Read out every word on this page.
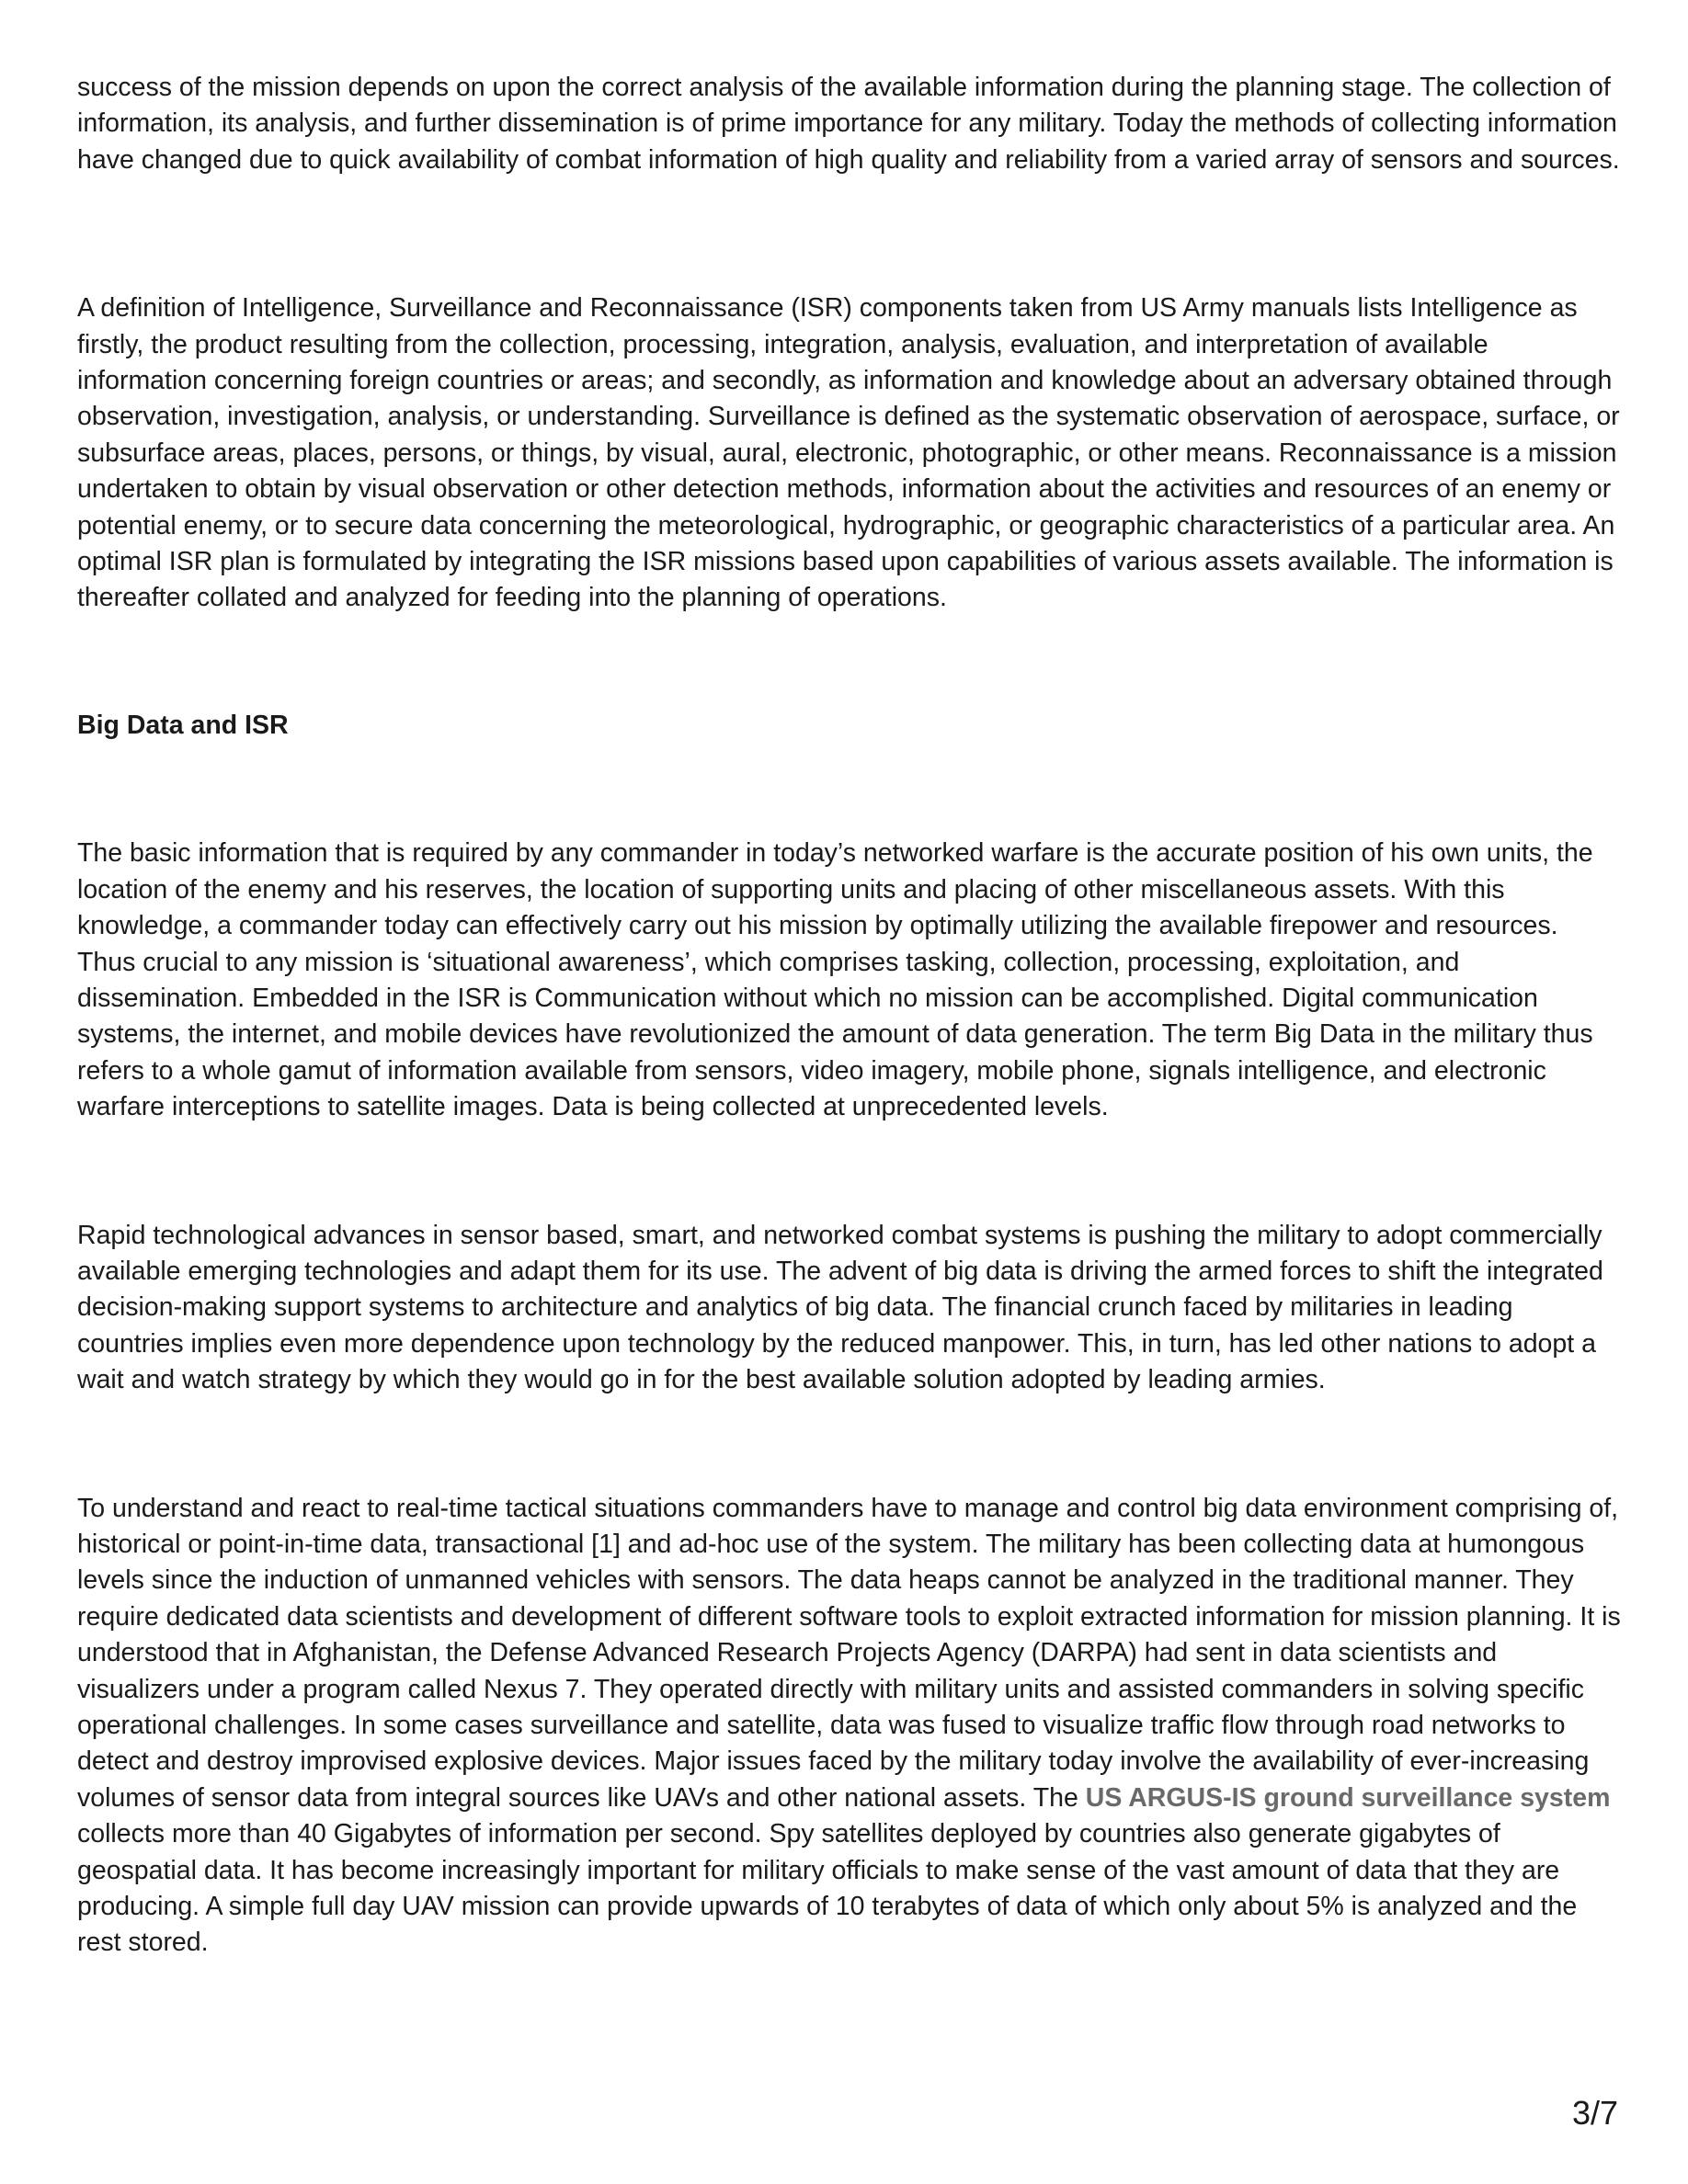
success of the mission depends on upon the correct analysis of the available information during the planning stage. The collection of information, its analysis, and further dissemination is of prime importance for any military. Today the methods of collecting information have changed due to quick availability of combat information of high quality and reliability from a varied array of sensors and sources.

A definition of Intelligence, Surveillance and Reconnaissance (ISR) components taken from US Army manuals lists Intelligence as firstly, the product resulting from the collection, processing, integration, analysis, evaluation, and interpretation of available information concerning foreign countries or areas; and secondly, as information and knowledge about an adversary obtained through observation, investigation, analysis, or understanding. Surveillance is defined as the systematic observation of aerospace, surface, or subsurface areas, places, persons, or things, by visual, aural, electronic, photographic, or other means. Reconnaissance is a mission undertaken to obtain by visual observation or other detection methods, information about the activities and resources of an enemy or potential enemy, or to secure data concerning the meteorological, hydrographic, or geographic characteristics of a particular area. An optimal ISR plan is formulated by integrating the ISR missions based upon capabilities of various assets available. The information is thereafter collated and analyzed for feeding into the planning of operations.

Big Data and ISR

The basic information that is required by any commander in today’s networked warfare is the accurate position of his own units, the location of the enemy and his reserves, the location of supporting units and placing of other miscellaneous assets. With this knowledge, a commander today can effectively carry out his mission by optimally utilizing the available firepower and resources. Thus crucial to any mission is ‘situational awareness’, which comprises tasking, collection, processing, exploitation, and dissemination. Embedded in the ISR is Communication without which no mission can be accomplished. Digital communication systems, the internet, and mobile devices have revolutionized the amount of data generation. The term Big Data in the military thus refers to a whole gamut of information available from sensors, video imagery, mobile phone, signals intelligence, and electronic warfare interceptions to satellite images. Data is being collected at unprecedented levels.

Rapid technological advances in sensor based, smart, and networked combat systems is pushing the military to adopt commercially available emerging technologies and adapt them for its use. The advent of big data is driving the armed forces to shift the integrated decision-making support systems to architecture and analytics of big data. The financial crunch faced by militaries in leading countries implies even more dependence upon technology by the reduced manpower. This, in turn, has led other nations to adopt a wait and watch strategy by which they would go in for the best available solution adopted by leading armies.

To understand and react to real-time tactical situations commanders have to manage and control big data environment comprising of, historical or point-in-time data, transactional [1] and ad-hoc use of the system. The military has been collecting data at humongous levels since the induction of unmanned vehicles with sensors. The data heaps cannot be analyzed in the traditional manner. They require dedicated data scientists and development of different software tools to exploit extracted information for mission planning. It is understood that in Afghanistan, the Defense Advanced Research Projects Agency (DARPA) had sent in data scientists and visualizers under a program called Nexus 7. They operated directly with military units and assisted commanders in solving specific operational challenges. In some cases surveillance and satellite, data was fused to visualize traffic flow through road networks to detect and destroy improvised explosive devices. Major issues faced by the military today involve the availability of ever-increasing volumes of sensor data from integral sources like UAVs and other national assets. The US ARGUS-IS ground surveillance system collects more than 40 Gigabytes of information per second. Spy satellites deployed by countries also generate gigabytes of geospatial data. It has become increasingly important for military officials to make sense of the vast amount of data that they are producing. A simple full day UAV mission can provide upwards of 10 terabytes of data of which only about 5% is analyzed and the rest stored.

3/7
